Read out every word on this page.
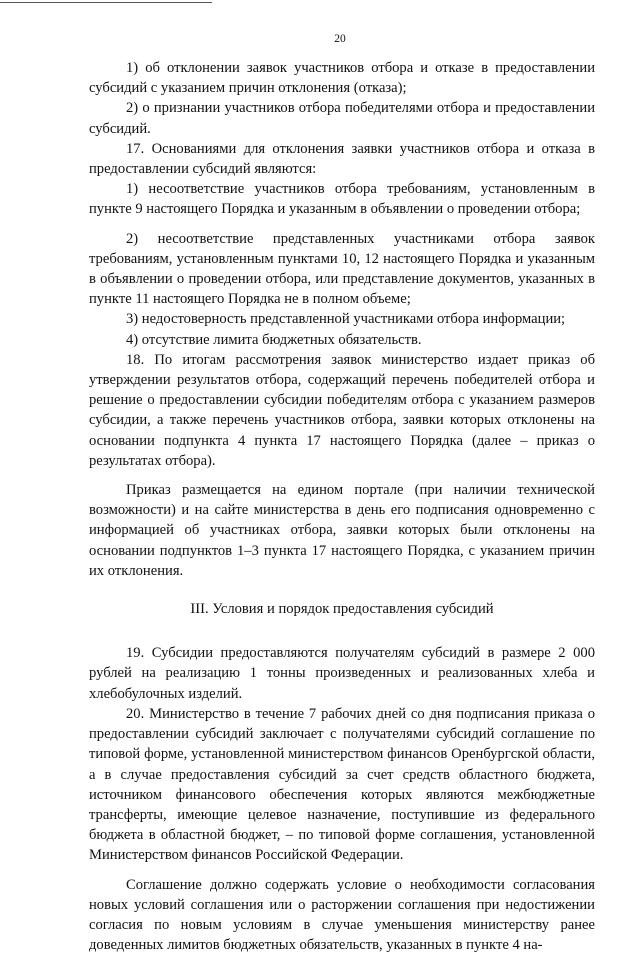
20

1) об отклонении заявок участников отбора и отказе в предоставлении субсидий с указанием причин отклонения (отказа);

2) о признании участников отбора победителями отбора и предоставлении субсидий.

17. Основаниями для отклонения заявки участников отбора и отказа в предоставлении субсидий являются:

1) несоответствие участников отбора требованиям, установленным в пункте 9 настоящего Порядка и указанным в объявлении о проведении отбора;

2) несоответствие представленных участниками отбора заявок требованиям, установленным пунктами 10, 12 настоящего Порядка и указанным в объявлении о проведении отбора, или представление документов, указанных в пункте 11 настоящего Порядка не в полном объеме;

3) недостоверность представленной участниками отбора информации;

4) отсутствие лимита бюджетных обязательств.

18. По итогам рассмотрения заявок министерство издает приказ об утверждении результатов отбора, содержащий перечень победителей отбора и решение о предоставлении субсидии победителям отбора с указанием размеров субсидии, а также перечень участников отбора, заявки которых отклонены на основании подпункта 4 пункта 17 настоящего Порядка (далее – приказ о результатах отбора).

Приказ размещается на едином портале (при наличии технической возможности) и на сайте министерства в день его подписания одновременно с информацией об участниках отбора, заявки которых были отклонены на основании подпунктов 1–3 пункта 17 настоящего Порядка, с указанием причин их отклонения.

III. Условия и порядок предоставления субсидий

19. Субсидии предоставляются получателям субсидий в размере 2 000 рублей на реализацию 1 тонны произведенных и реализованных хлеба и хлебобулочных изделий.

20. Министерство в течение 7 рабочих дней со дня подписания приказа о предоставлении субсидий заключает с получателями субсидий соглашение по типовой форме, установленной министерством финансов Оренбургской области, а в случае предоставления субсидий за счет средств областного бюджета, источником финансового обеспечения которых являются межбюджетные трансферты, имеющие целевое назначение, поступившие из федерального бюджета в областной бюджет, – по типовой форме соглашения, установленной Министерством финансов Российской Федерации.

Соглашение должно содержать условие о необходимости согласования новых условий соглашения или о расторжении соглашения при недостижении согласия по новым условиям в случае уменьшения министерству ранее доведенных лимитов бюджетных обязательств, указанных в пункте 4 на-
